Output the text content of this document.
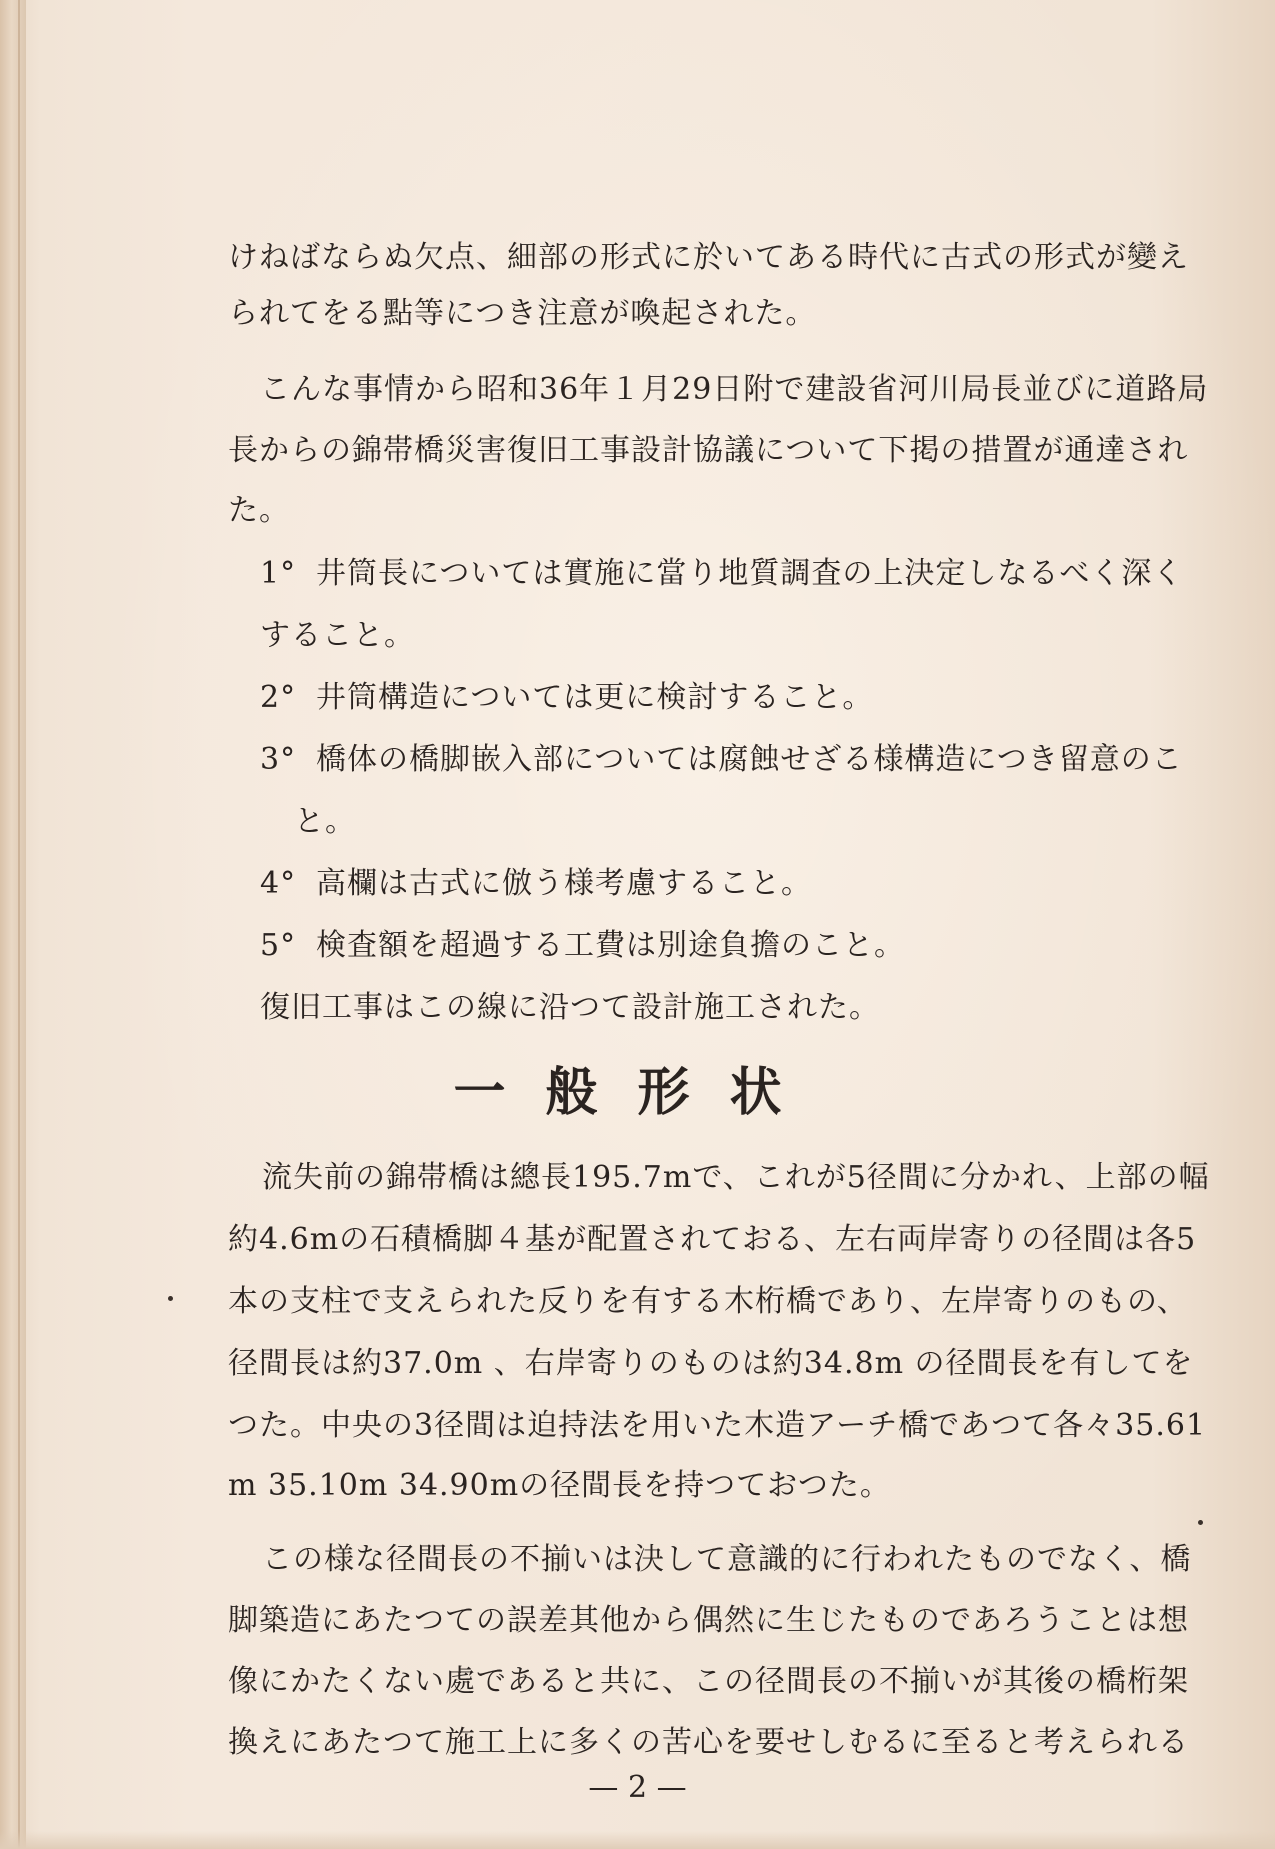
けねばならぬ欠点、細部の形式に於いてある時代に古式の形式が變え
られてをる點等につき注意が喚起された。
こんな事情から昭和36年１月29日附で建設省河川局長並びに道路局
長からの錦帯橋災害復旧工事設計協議について下掲の措置が通達され
た。
1° 井筒長については實施に當り地質調査の上決定しなるべく深く
すること。
2° 井筒構造については更に検討すること。
3° 橋体の橋脚嵌入部については腐蝕せざる様構造につき留意のこ
と。
4° 高欄は古式に倣う様考慮すること。
5° 検査額を超過する工費は別途負擔のこと。
復旧工事はこの線に沿つて設計施工された。
流失前の錦帯橋は總長195.7mで、これが5径間に分かれ、上部の幅
約4.6mの石積橋脚４基が配置されておる、左右両岸寄りの径間は各5
本の支柱で支えられた反りを有する木桁橋であり、左岸寄りのもの、
径間長は約37.0m 、右岸寄りのものは約34.8m の径間長を有してを
つた。中央の3径間は迫持法を用いた木造アーチ橋であつて各々35.61
m 35.10m 34.90mの径間長を持つておつた。
この様な径間長の不揃いは決して意識的に行われたものでなく、橋
脚築造にあたつての誤差其他から偶然に生じたものであろうことは想
像にかたくない處であると共に、この径間長の不揃いが其後の橋桁架
換えにあたつて施工上に多くの苦心を要せしむるに至ると考えられる
一般形状
— 2 —
